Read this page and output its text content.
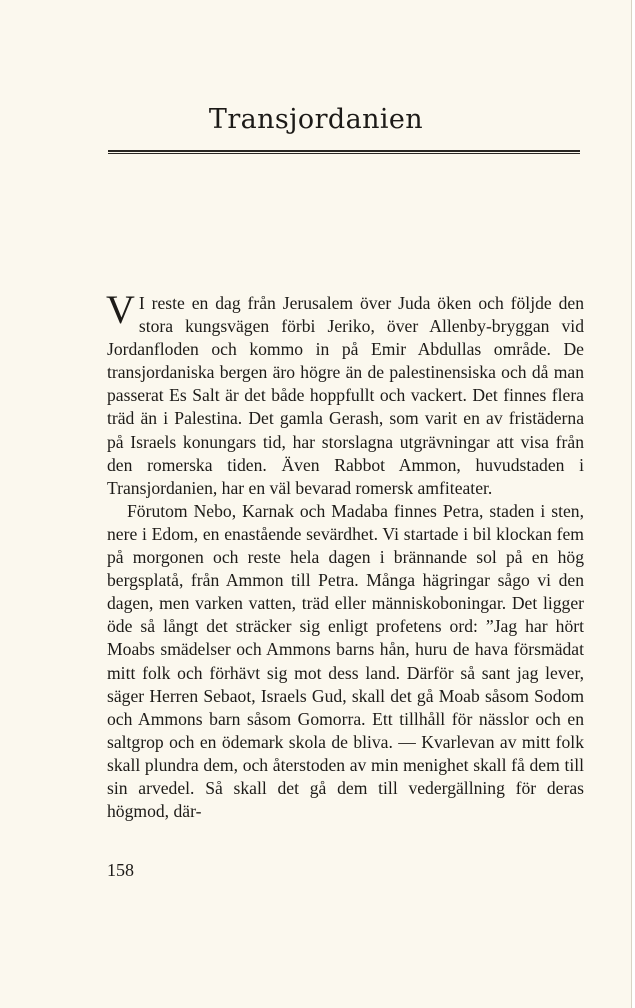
Transjordanien

V I reste en dag från Jerusalem över Juda öken och följde den stora kungsvägen förbi Jeriko, över Allenby-bryggan vid Jordanfloden och kommo in på Emir Abdullas område. De transjordaniska bergen äro högre än de palestinensiska och då man passerat Es Salt är det både hoppfullt och vackert. Det finnes flera träd än i Palestina. Det gamla Gerash, som varit en av fristäderna på Israels konungars tid, har storslagna utgrävningar att visa från den romerska tiden. Även Rabbot Ammon, huvudstaden i Transjordanien, har en väl bevarad romersk amfiteater.

Förutom Nebo, Karnak och Madaba finnes Petra, staden i sten, nere i Edom, en enastående sevärdhet. Vi startade i bil klockan fem på morgonen och reste hela dagen i brännande sol på en hög bergsplatå, från Ammon till Petra. Många hägringar sågo vi den dagen, men varken vatten, träd eller människoboningar. Det ligger öde så långt det sträcker sig enligt profetens ord: ”Jag har hört Moabs smädelser och Ammons barns hån, huru de hava försmädat mitt folk och förhävt sig mot dess land. Därför så sant jag lever, säger Herren Sebaot, Israels Gud, skall det gå Moab såsom Sodom och Ammons barn såsom Gomorra. Ett tillhåll för nässlor och en saltgrop och en ödemark skola de bliva. — Kvarlevan av mitt folk skall plundra dem, och återstoden av min menighet skall få dem till sin arvedel. Så skall det gå dem till vedergällning för deras högmod, där-

158
